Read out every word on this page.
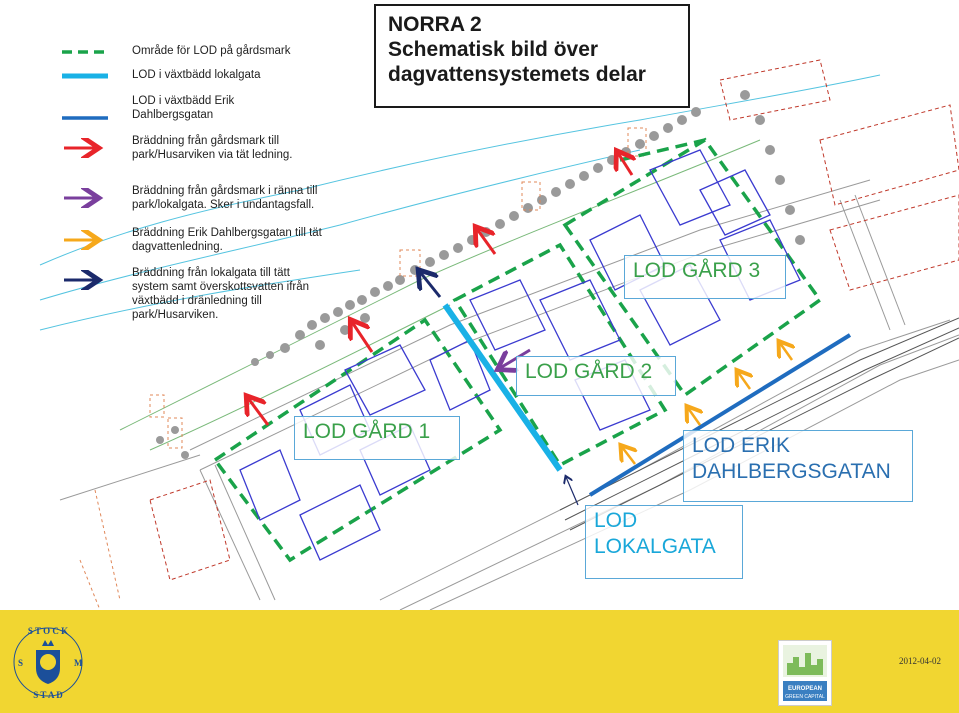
NORRA 2
Schematisk bild över
dagvattensystemets delar
Område för LOD på gårdsmark
LOD i växtbädd lokalgata
LOD i växtbädd Erik
Dahlbergsgatan
Bräddning från gårdsmark till
park/Husarviken via tät ledning.
Bräddning från gårdsmark i ränna till
park/lokalgata. Sker i undantagsfall.
Bräddning Erik Dahlbergsgatan till tät
dagvattenledning.
Bräddning från lokalgata till tätt
system samt överskottsvatten ifrån
växtbädd i dränledning till
park/Husarviken.
LOD GÅRD 1
LOD GÅRD 2
LOD GÅRD 3
LOD ERIK
DAHLBERGSGATAN
LOD
LOKALGATA
S T O C K
S	M
S T A D
EUROPEAN
GREEN CAPITAL
2012-04-02
